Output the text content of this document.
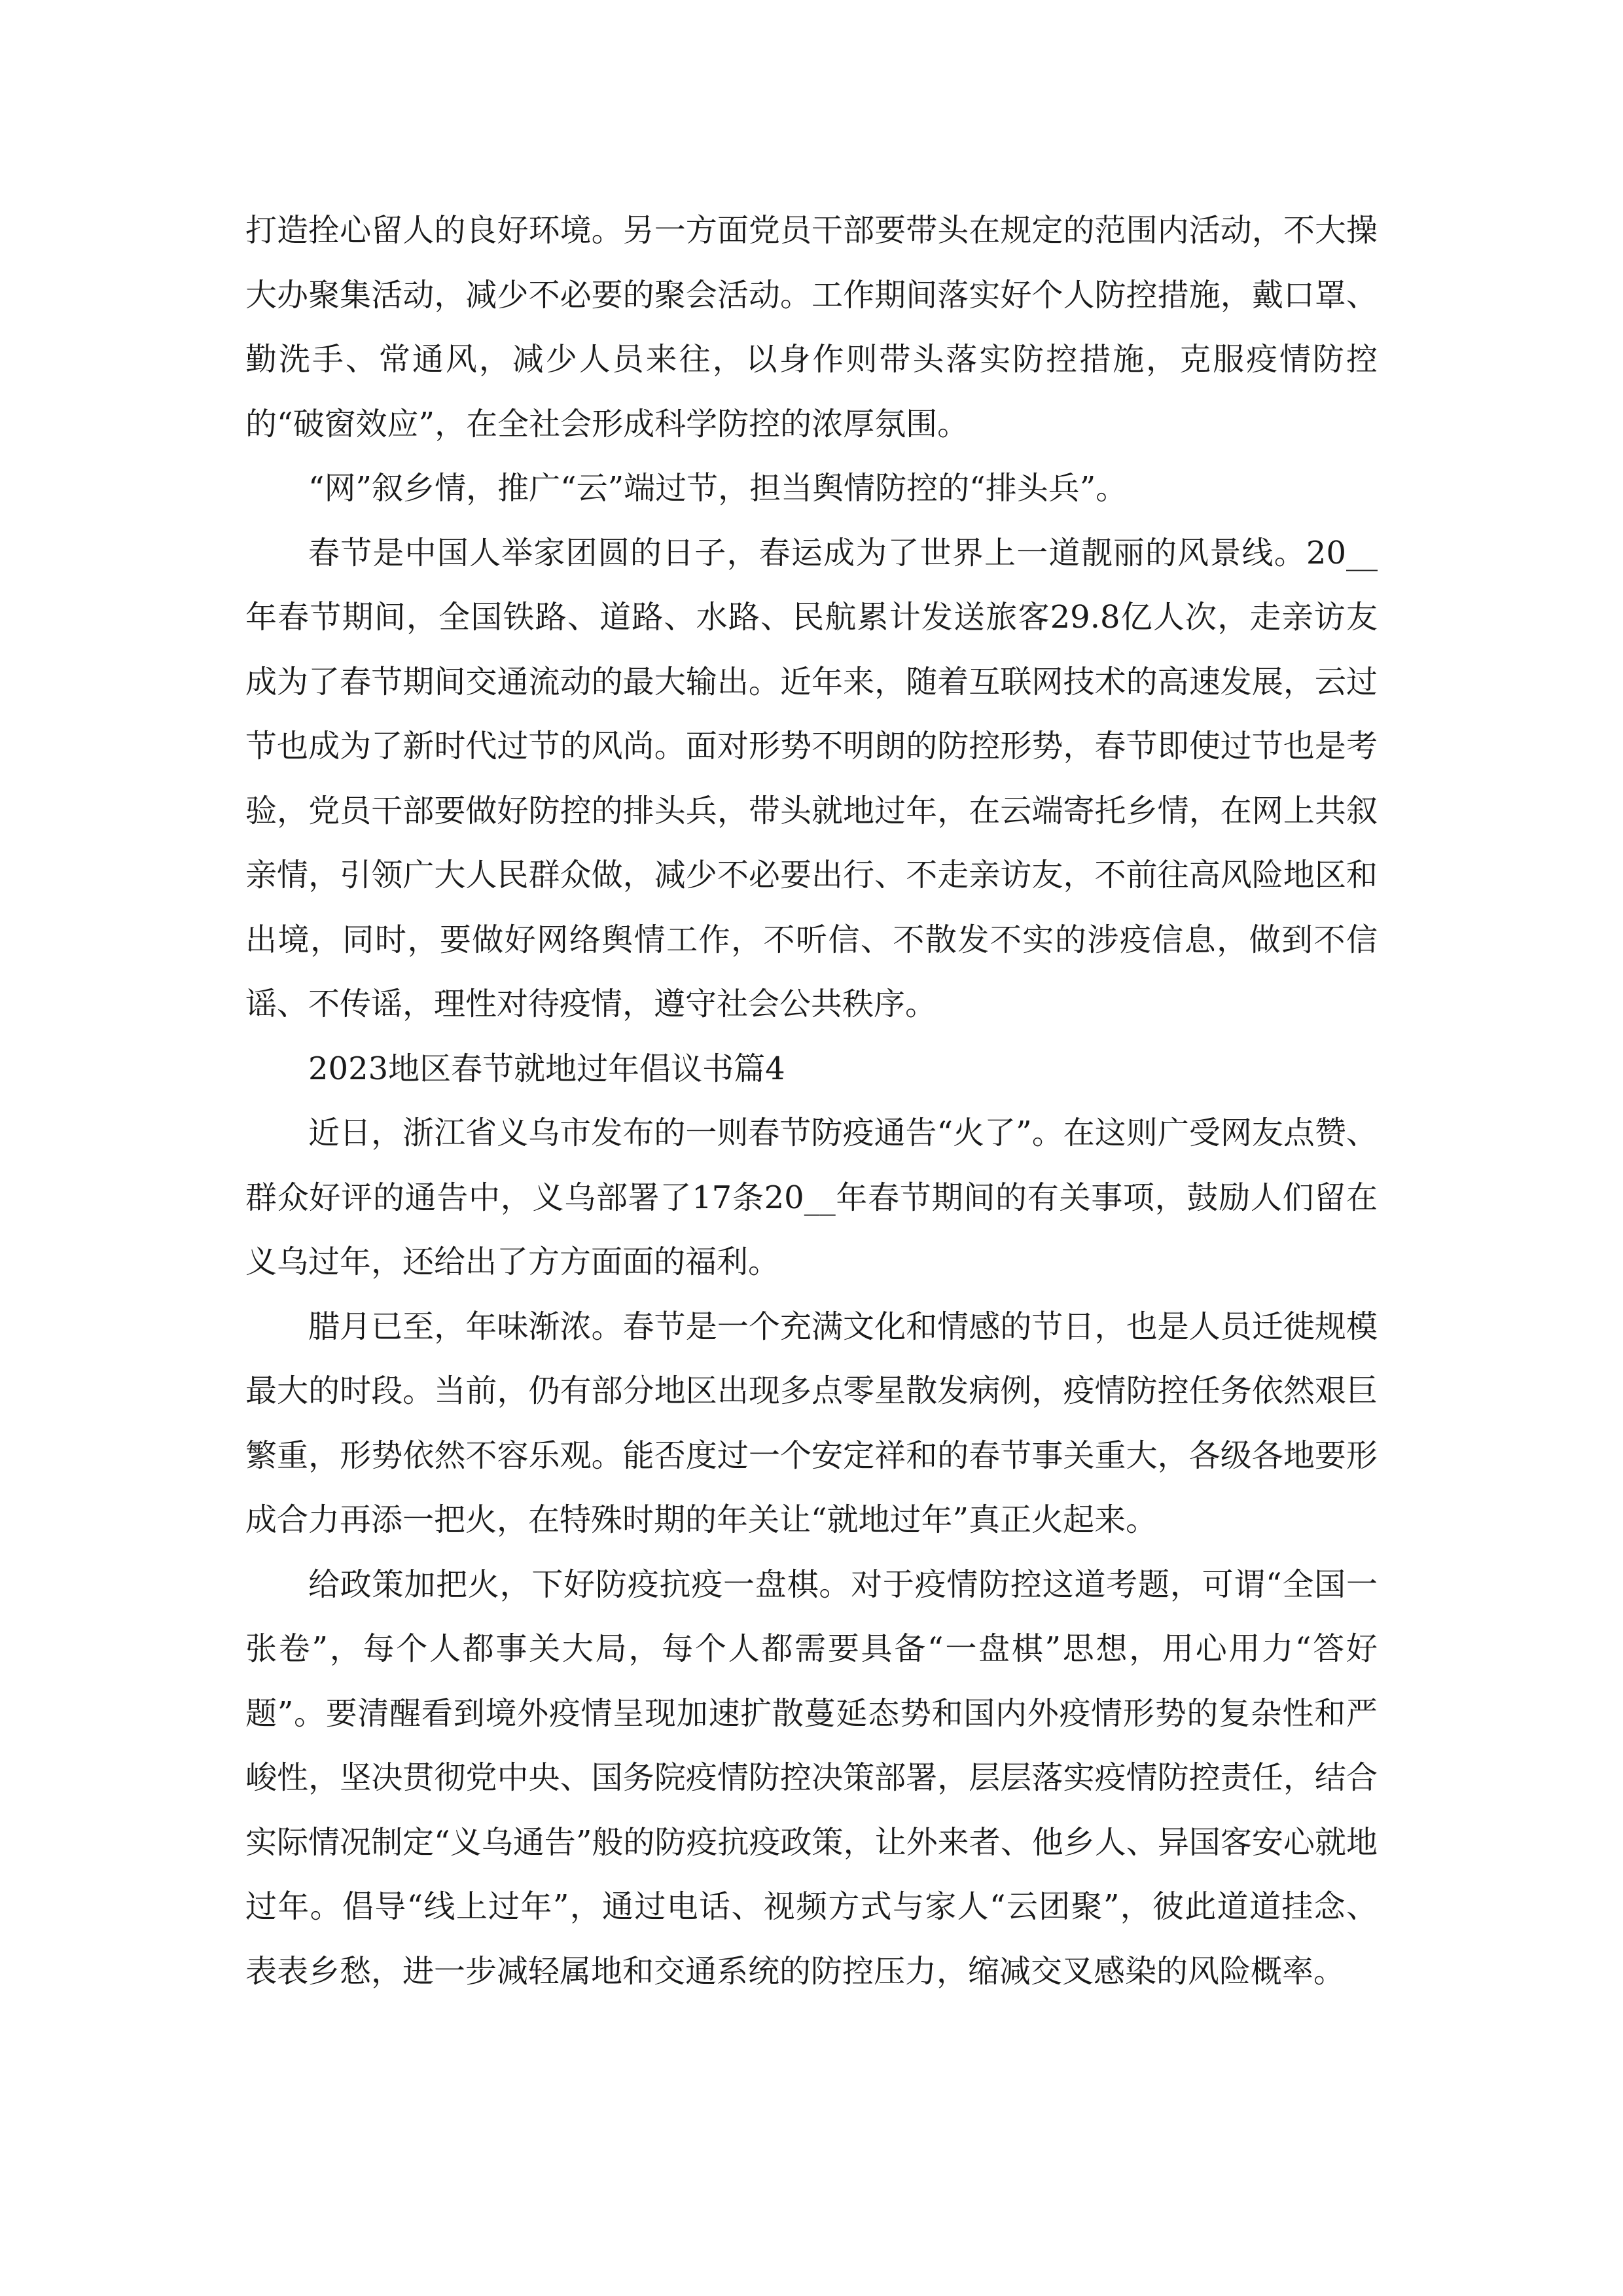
打造拴心留人的良好环境。另一方面党员干部要带头在规定的范围内活动，不大操大办聚集活动，减少不必要的聚会活动。工作期间落实好个人防控措施，戴口罩、勤洗手、常通风，减少人员来往，以身作则带头落实防控措施，克服疫情防控的“破窗效应”，在全社会形成科学防控的浓厚氛围。

“网”叙乡情，推广“云”端过节，担当舆情防控的“排头兵”。

春节是中国人举家团圆的日子，春运成为了世界上一道靓丽的风景线。20__年春节期间，全国铁路、道路、水路、民航累计发送旅客29.8亿人次，走亲访友成为了春节期间交通流动的最大输出。近年来，随着互联网技术的高速发展，云过节也成为了新时代过节的风尚。面对形势不明朗的防控形势，春节即使过节也是考验，党员干部要做好防控的排头兵，带头就地过年，在云端寄托乡情，在网上共叙亲情，引领广大人民群众做，减少不必要出行、不走亲访友，不前往高风险地区和出境，同时，要做好网络舆情工作，不听信、不散发不实的涉疫信息，做到不信谣、不传谣，理性对待疫情，遵守社会公共秩序。

2023地区春节就地过年倡议书篇4

近日，浙江省义乌市发布的一则春节防疫通告“火了”。在这则广受网友点赞、群众好评的通告中，义乌部署了17条20__年春节期间的有关事项，鼓励人们留在义乌过年，还给出了方方面面的福利。

腊月已至，年味渐浓。春节是一个充满文化和情感的节日，也是人员迁徙规模最大的时段。当前，仍有部分地区出现多点零星散发病例，疫情防控任务依然艰巨繁重，形势依然不容乐观。能否度过一个安定祥和的春节事关重大，各级各地要形成合力再添一把火，在特殊时期的年关让“就地过年”真正火起来。

给政策加把火，下好防疫抗疫一盘棋。对于疫情防控这道考题，可谓“全国一张卷”，每个人都事关大局，每个人都需要具备“一盘棋”思想，用心用力“答好题”。要清醒看到境外疫情呈现加速扩散蔓延态势和国内外疫情形势的复杂性和严峻性，坚决贯彻党中央、国务院疫情防控决策部署，层层落实疫情防控责任，结合实际情况制定“义乌通告”般的防疫抗疫政策，让外来者、他乡人、异国客安心就地过年。倡导“线上过年”，通过电话、视频方式与家人“云团聚”，彼此道道挂念、表表乡愁，进一步减轻属地和交通系统的防控压力，缩减交叉感染的风险概率。
